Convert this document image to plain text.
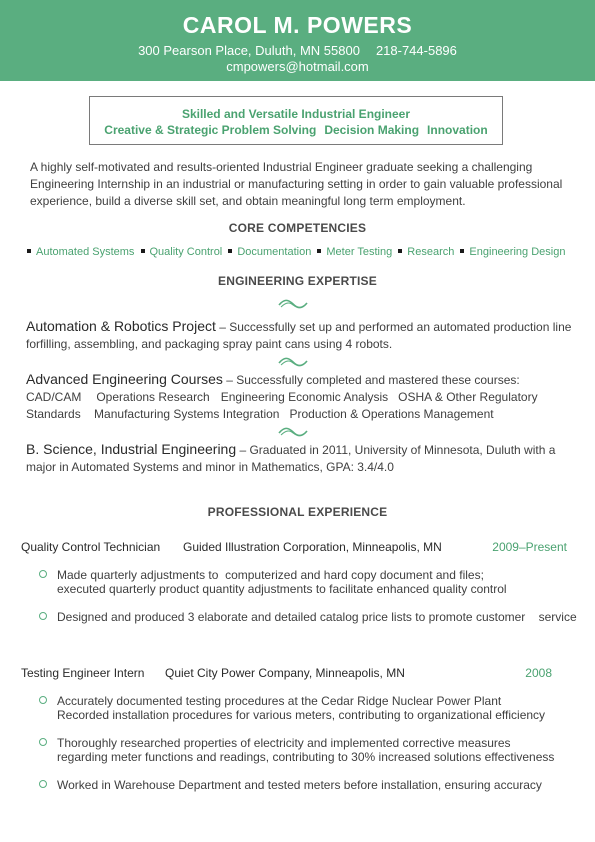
CAROL M. POWERS
300 Pearson Place, Duluth, MN 55800 218-744-5896
cmpowers@hotmail.com
Skilled and Versatile Industrial Engineer
Creative & Strategic Problem Solving Decision Making Innovation
A highly self-motivated and results-oriented Industrial Engineer graduate seeking a challenging Engineering Internship in an industrial or manufacturing setting in order to gain valuable professional experience, build a diverse skill set, and obtain meaningful long term employment.
CORE COMPETENCIES
Automated Systems Quality Control Documentation Meter Testing Research Engineering Design
ENGINEERING EXPERTISE
Automation & Robotics Project – Successfully set up and performed an automated production line forfilling, assembling, and packaging spray paint cans using 4 robots.
Advanced Engineering Courses – Successfully completed and mastered these courses:
CAD/CAM Operations Research Engineering Economic Analysis OSHA & Other Regulatory Standards Manufacturing Systems Integration Production & Operations Management
B. Science, Industrial Engineering – Graduated in 2011, University of Minnesota, Duluth with a major in Automated Systems and minor in Mathematics, GPA: 3.4/4.0
PROFESSIONAL EXPERIENCE
Quality Control Technician Guided Illustration Corporation, Minneapolis, MN	2009–Present
Made quarterly adjustments to  computerized and hard copy document and files;
executed quarterly product quantity adjustments to facilitate enhanced quality control
Designed and produced 3 elaborate and detailed catalog price lists to promote customer    service
Testing Engineer Intern Quiet City Power Company, Minneapolis, MN	2008
Accurately documented testing procedures at the Cedar Ridge Nuclear Power Plant
Recorded installation procedures for various meters, contributing to organizational efficiency
Thoroughly researched properties of electricity and implemented corrective measures
regarding meter functions and readings, contributing to 30% increased solutions effectiveness
Worked in Warehouse Department and tested meters before installation, ensuring accuracy
